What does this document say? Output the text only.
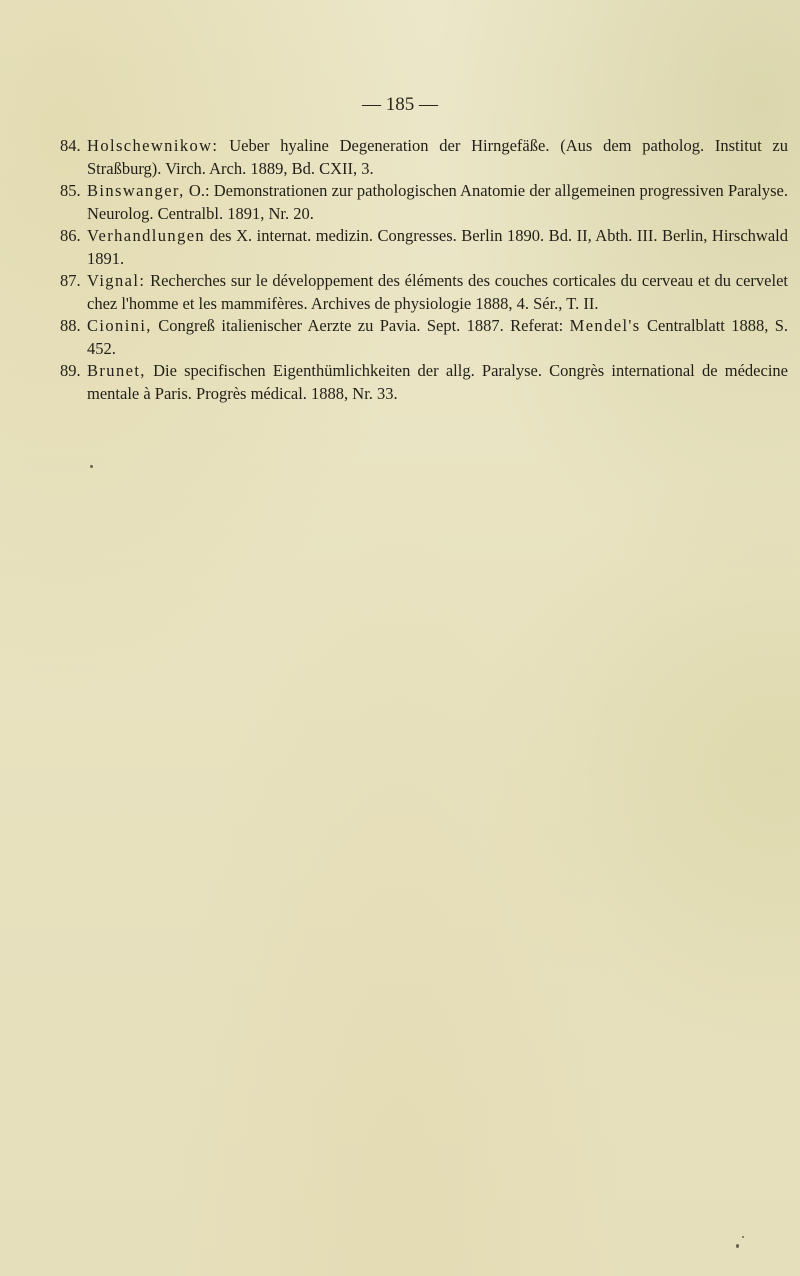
— 185 —
84. Holschewnikow: Ueber hyaline Degeneration der Hirngefäße. (Aus dem patholog. Institut zu Straßburg). Virch. Arch. 1889, Bd. CXII, 3.
85. Binswanger, O.: Demonstrationen zur pathologischen Anatomie der allgemeinen progressiven Paralyse. Neurolog. Centralbl. 1891, Nr. 20.
86. Verhandlungen des X. internat. medizin. Congresses. Berlin 1890. Bd. II, Abth. III. Berlin, Hirschwald 1891.
87. Vignal: Recherches sur le développement des éléments des couches corticales du cerveau et du cervelet chez l'homme et les mammifères. Archives de physiologie 1888, 4. Sér., T. II.
88. Cionini, Congreß italienischer Aerzte zu Pavia. Sept. 1887. Referat: Mendel's Centralblatt 1888, S. 452.
89. Brunet, Die specifischen Eigenthümlichkeiten der allg. Paralyse. Congrès international de médecine mentale à Paris. Progrès médical. 1888, Nr. 33.
